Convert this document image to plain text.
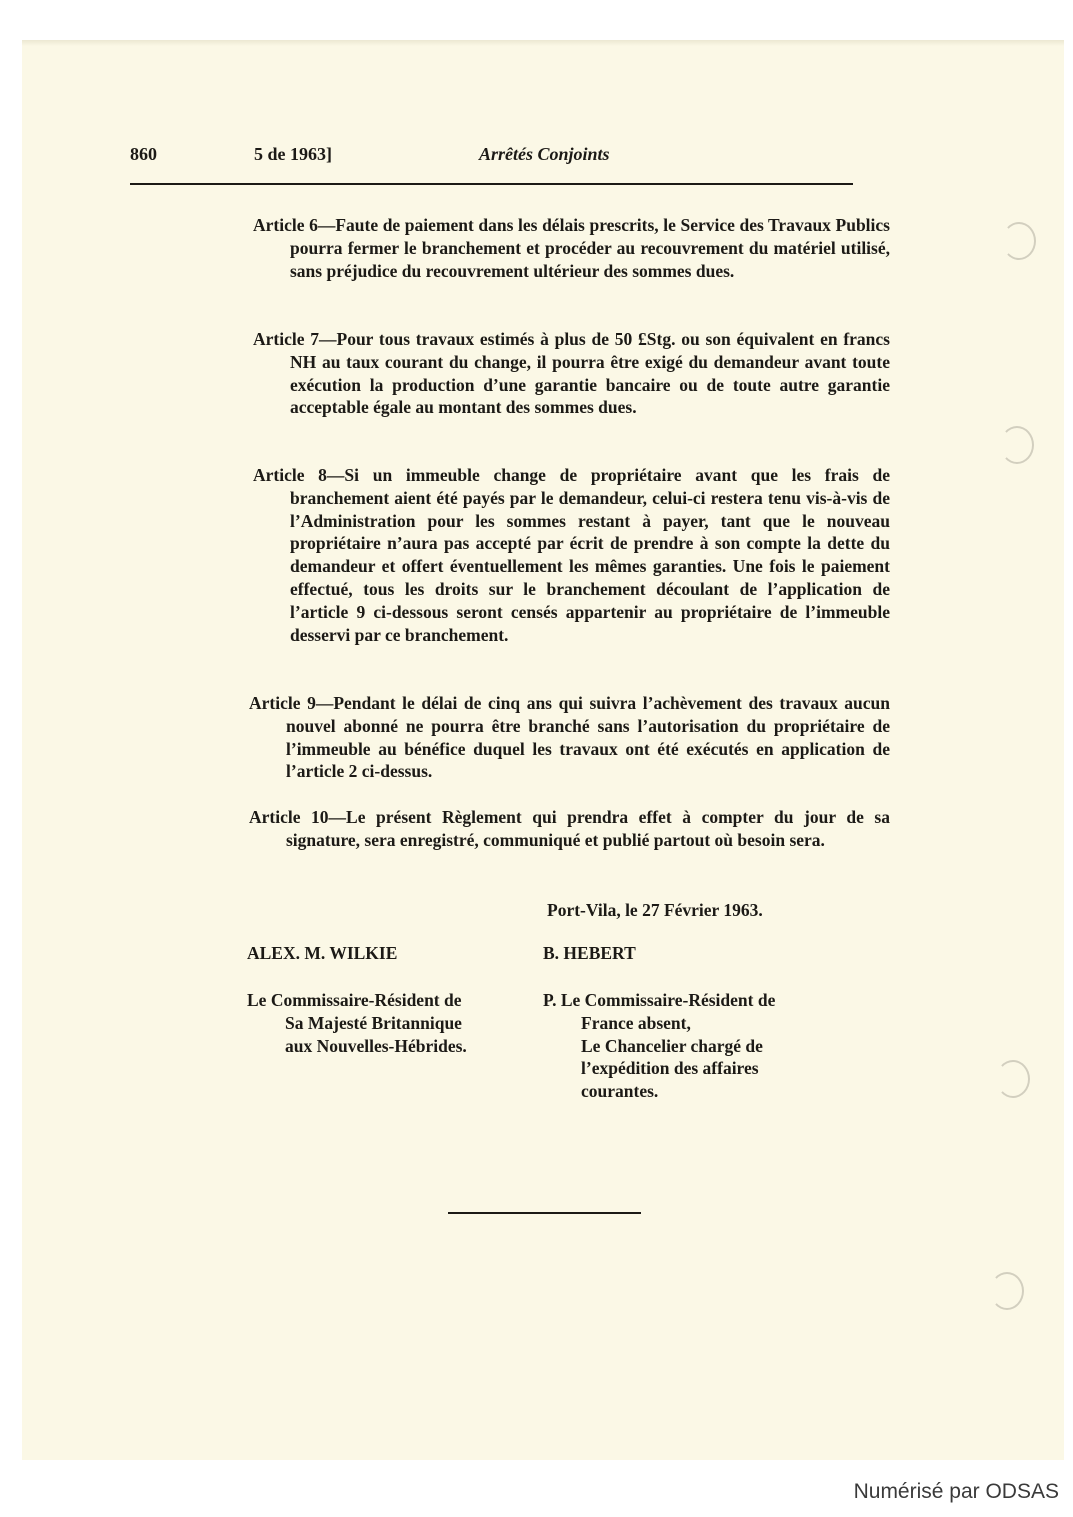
860	5 de 1963]	Arrêtés Conjoints
Article 6—Faute de paiement dans les délais prescrits, le Service des Travaux Publics pourra fermer le branchement et procéder au recouvrement du matériel utilisé, sans préjudice du recouvrement ultérieur des sommes dues.
Article 7—Pour tous travaux estimés à plus de 50 £Stg. ou son équivalent en francs NH au taux courant du change, il pourra être exigé du demandeur avant toute exécution la production d’une garantie bancaire ou de toute autre garantie acceptable égale au montant des sommes dues.
Article 8—Si un immeuble change de propriétaire avant que les frais de branchement aient été payés par le demandeur, celui-ci restera tenu vis-à-vis de l’Administration pour les sommes restant à payer, tant que le nouveau propriétaire n’aura pas accepté par écrit de prendre à son compte la dette du demandeur et offert éventuellement les mêmes garanties. Une fois le paiement effectué, tous les droits sur le branchement découlant de l’application de l’article 9 ci-dessous seront censés appartenir au propriétaire de l’immeuble desservi par ce branchement.
Article 9—Pendant le délai de cinq ans qui suivra l’achèvement des travaux aucun nouvel abonné ne pourra être branché sans l’autorisation du propriétaire de l’immeuble au bénéfice duquel les travaux ont été exécutés en application de l’article 2 ci-dessus.
Article 10—Le présent Règlement qui prendra effet à compter du jour de sa signature, sera enregistré, communiqué et publié partout où besoin sera.
Port-Vila, le 27 Février 1963.
ALEX. M. WILKIE	B. HEBERT
Le Commissaire-Résident de
Sa Majesté Britannique
aux Nouvelles-Hébrides.
P. Le Commissaire-Résident de
France absent,
Le Chancelier chargé de
l’expédition des affaires
courantes.
Numérisé par ODSAS
